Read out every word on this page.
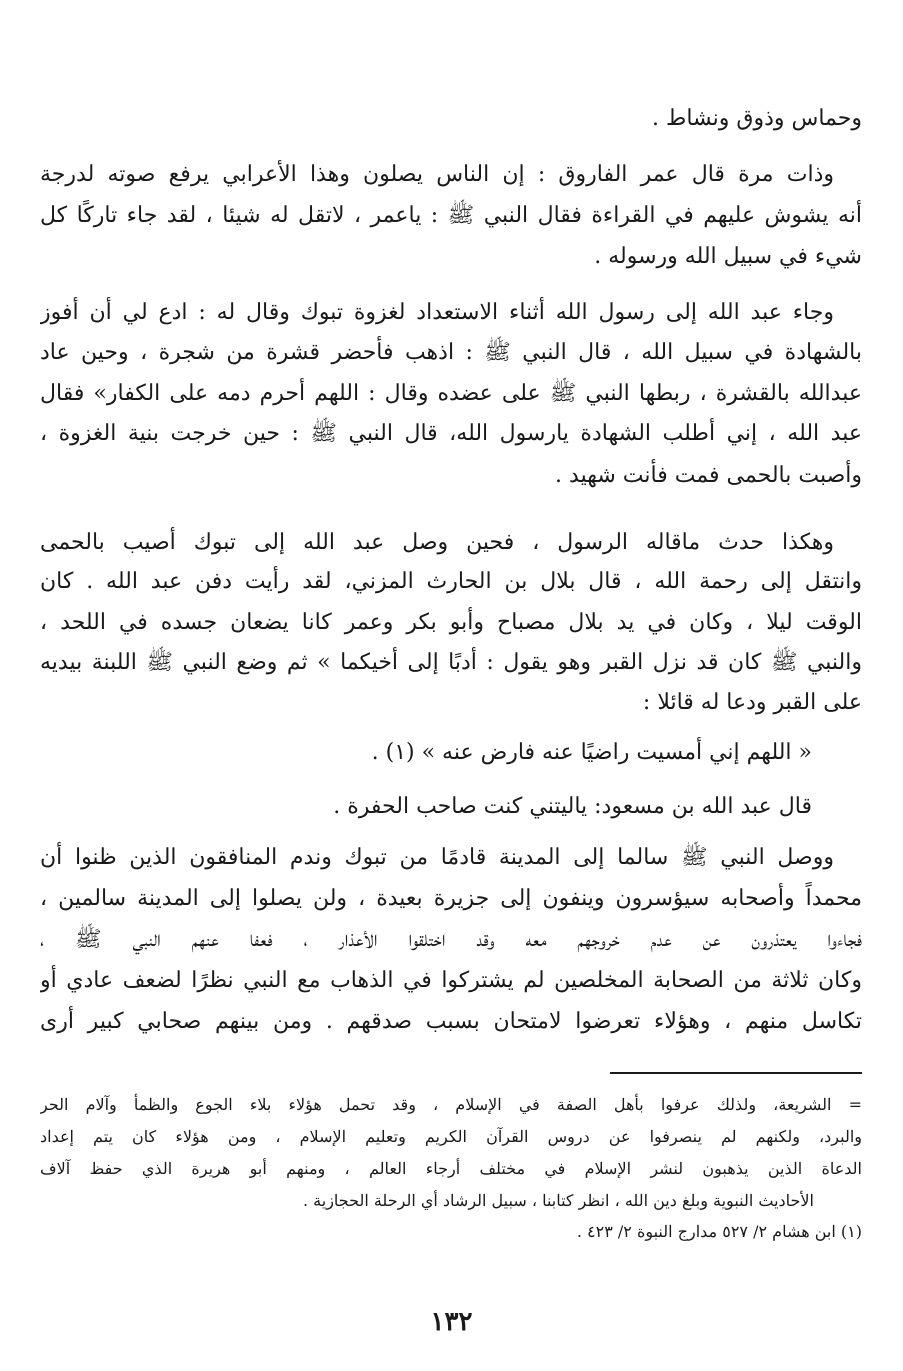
وحماس وذوق ونشاط .
وذات مرة قال عمر الفاروق : إن الناس يصلون وهذا الأعرابي يرفع صوته لدرجة
أنه يشوش عليهم في القراءة فقال النبي ﷺ : ياعمر ، لاتقل له شيئا ، لقد جاء تاركًا كل
شيء في سبيل الله ورسوله .
وجاء عبد الله إلى رسول الله أثناء الاستعداد لغزوة تبوك وقال له : ادع لي أن أفوز
بالشهادة في سبيل الله ، قال النبي ﷺ : اذهب فأحضر قشرة من شجرة ، وحين عاد
عبدالله بالقشرة ، ربطها النبي ﷺ على عضده وقال : اللهم أحرم دمه على الكفار» فقال
عبد الله ، إني أطلب الشهادة يارسول الله، قال النبي ﷺ : حين خرجت بنية الغزوة ،
وأصبت بالحمى فمت فأنت شهيد .
وهكذا حدث ماقاله الرسول ، فحين وصل عبد الله إلى تبوك أصيب بالحمى
وانتقل إلى رحمة الله ، قال بلال بن الحارث المزني، لقد رأيت دفن عبد الله . كان
الوقت ليلا ، وكان في يد بلال مصباح وأبو بكر وعمر كانا يضعان جسده في اللحد ،
والنبي ﷺ كان قد نزل القبر وهو يقول : أدبًا إلى أخيكما » ثم وضع النبي ﷺ اللبنة بيديه
على القبر ودعا له قائلا :
« اللهم إني أمسيت راضيًا عنه فارض عنه » (١) .
قال عبد الله بن مسعود: ياليتني كنت صاحب الحفرة .
ووصل النبي ﷺ سالما إلى المدينة قادمًا من تبوك وندم المنافقون الذين ظنوا أن
محمداً وأصحابه سيؤسرون وينفون إلى جزيرة بعيدة ، ولن يصلوا إلى المدينة سالمين ،
فجاءوا يعتذرون عن عدم خروجهم معه وقد اختلقوا الأعذار ، فعفا عنهم النبي ﷺ ،
وكان ثلاثة من الصحابة المخلصين لم يشتركوا في الذهاب مع النبي نظرًا لضعف عادي أو
تكاسل منهم ، وهؤلاء تعرضوا لامتحان بسبب صدقهم . ومن بينهم صحابي كبير أرى
= الشريعة، ولذلك عرفوا بأهل الصفة في الإسلام ، وقد تحمل هؤلاء بلاء الجوع والظمأ وآلام الحر
والبرد، ولكنهم لم ينصرفوا عن دروس القرآن الكريم وتعليم الإسلام ، ومن هؤلاء كان يتم إعداد
الدعاة الذين يذهبون لنشر الإسلام في مختلف أرجاء العالم ، ومنهم أبو هريرة الذي حفظ آلاف
الأحاديث النبوية وبلغ دين الله ، انظر كتابنا ، سبيل الرشاد أي الرحلة الحجازية .
(١) ابن هشام ٢/ ٥٢٧ مدارج النبوة ٢/ ٤٢٣ .
١٣٢
